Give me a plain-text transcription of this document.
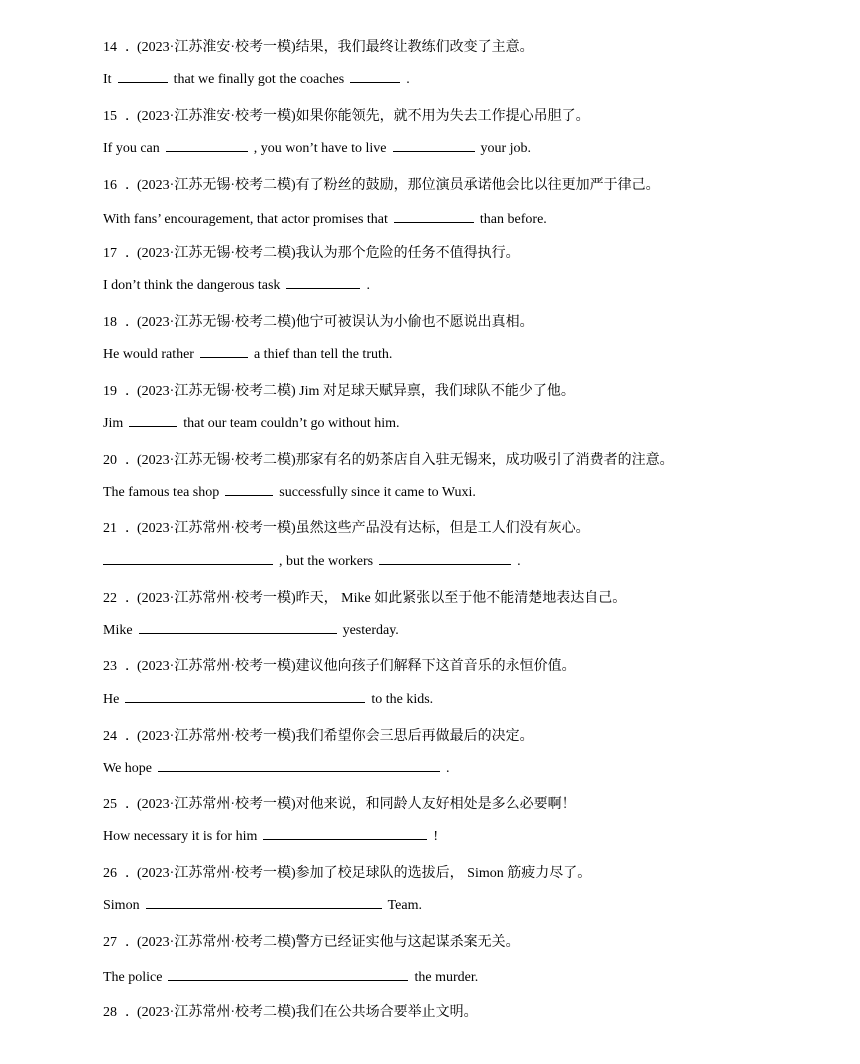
14 ．(2023·江苏淮安·校考一模)结果，我们最终让教练们改变了主意。
It	that we finally got the coaches	.
15 ．(2023·江苏淮安·校考一模)如果你能领先，就不用为失去工作提心吊胆了。
If you can	, you won’t have to live	your job.
16 ．(2023·江苏无锡·校考二模)有了粉丝的鼓励，那位演员承诺他会比以往更加严于律己。
With fans’ encouragement, that actor promises that	than before.
17 ．(2023·江苏无锡·校考二模)我认为那个危险的任务不值得执行。
I don’t think the dangerous task	.
18 ．(2023·江苏无锡·校考二模)他宁可被误认为小偷也不愿说出真相。
He would rather	a thief than tell the truth.
19 ．(2023·江苏无锡·校考二模) Jim 对足球天赋异禀，我们球队不能少了他。
Jim	that our team couldn’t go without him.
20 ．(2023·江苏无锡·校考二模)那家有名的奶茶店自入驻无锡来，成功吸引了消费者的注意。
The famous tea shop	successfully since it came to Wuxi.
21 ．(2023·江苏常州·校考一模)虽然这些产品没有达标，但是工人们没有灰心。
, but the workers	.
22 ．(2023·江苏常州·校考一模)昨天， Mike 如此紧张以至于他不能清楚地表达自己。
Mike	yesterday.
23 ．(2023·江苏常州·校考一模)建议他向孩子们解释下这首音乐的永恒价值。
He	to the kids.
24 ．(2023·江苏常州·校考一模)我们希望你会三思后再做最后的决定。
We hope	.
25 ．(2023·江苏常州·校考一模)对他来说，和同龄人友好相处是多么必要啊！
How necessary it is for him	!
26 ．(2023·江苏常州·校考一模)参加了校足球队的选拔后， Simon 筋疲力尽了。
Simon	Team.
27 ．(2023·江苏常州·校考二模)警方已经证实他与这起谋杀案无关。
The police	the murder.
28 ．(2023·江苏常州·校考二模)我们在公共场合要举止文明。
